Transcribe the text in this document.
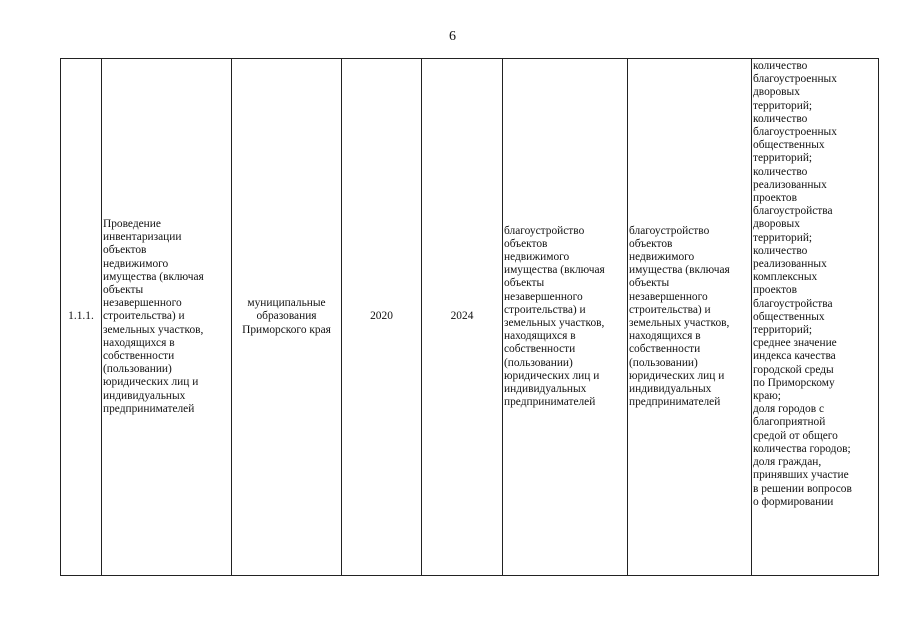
6
1.1.1.

Проведение
инвентаризации
объектов
недвижимого
имущества (включая
объекты
незавершенного
строительства) и
земельных участков,
находящихся в
собственности
(пользовании)
юридических лиц и
индивидуальных
предпринимателей

муниципальные
образования
Приморского края

2020	2024

благоустройство
объектов
недвижимого
имущества (включая
объекты
незавершенного
строительства) и
земельных участков,
находящихся в
собственности
(пользовании)
юридических лиц и
индивидуальных
предпринимателей

благоустройство
объектов
недвижимого
имущества (включая
объекты
незавершенного
строительства) и
земельных участков,
находящихся в
собственности
(пользовании)
юридических лиц и
индивидуальных
предпринимателей

количество
благоустроенных
дворовых
территорий;
количество
благоустроенных
общественных
территорий;
количество
реализованных
проектов
благоустройства
дворовых
территорий;
количество
реализованных
комплексных
проектов
благоустройства
общественных
территорий;
среднее значение
индекса качества
городской среды
по Приморскому
краю;
доля городов с
благоприятной
средой от общего
количества городов;
доля граждан,
принявших участие
в решении вопросов
о формировании
